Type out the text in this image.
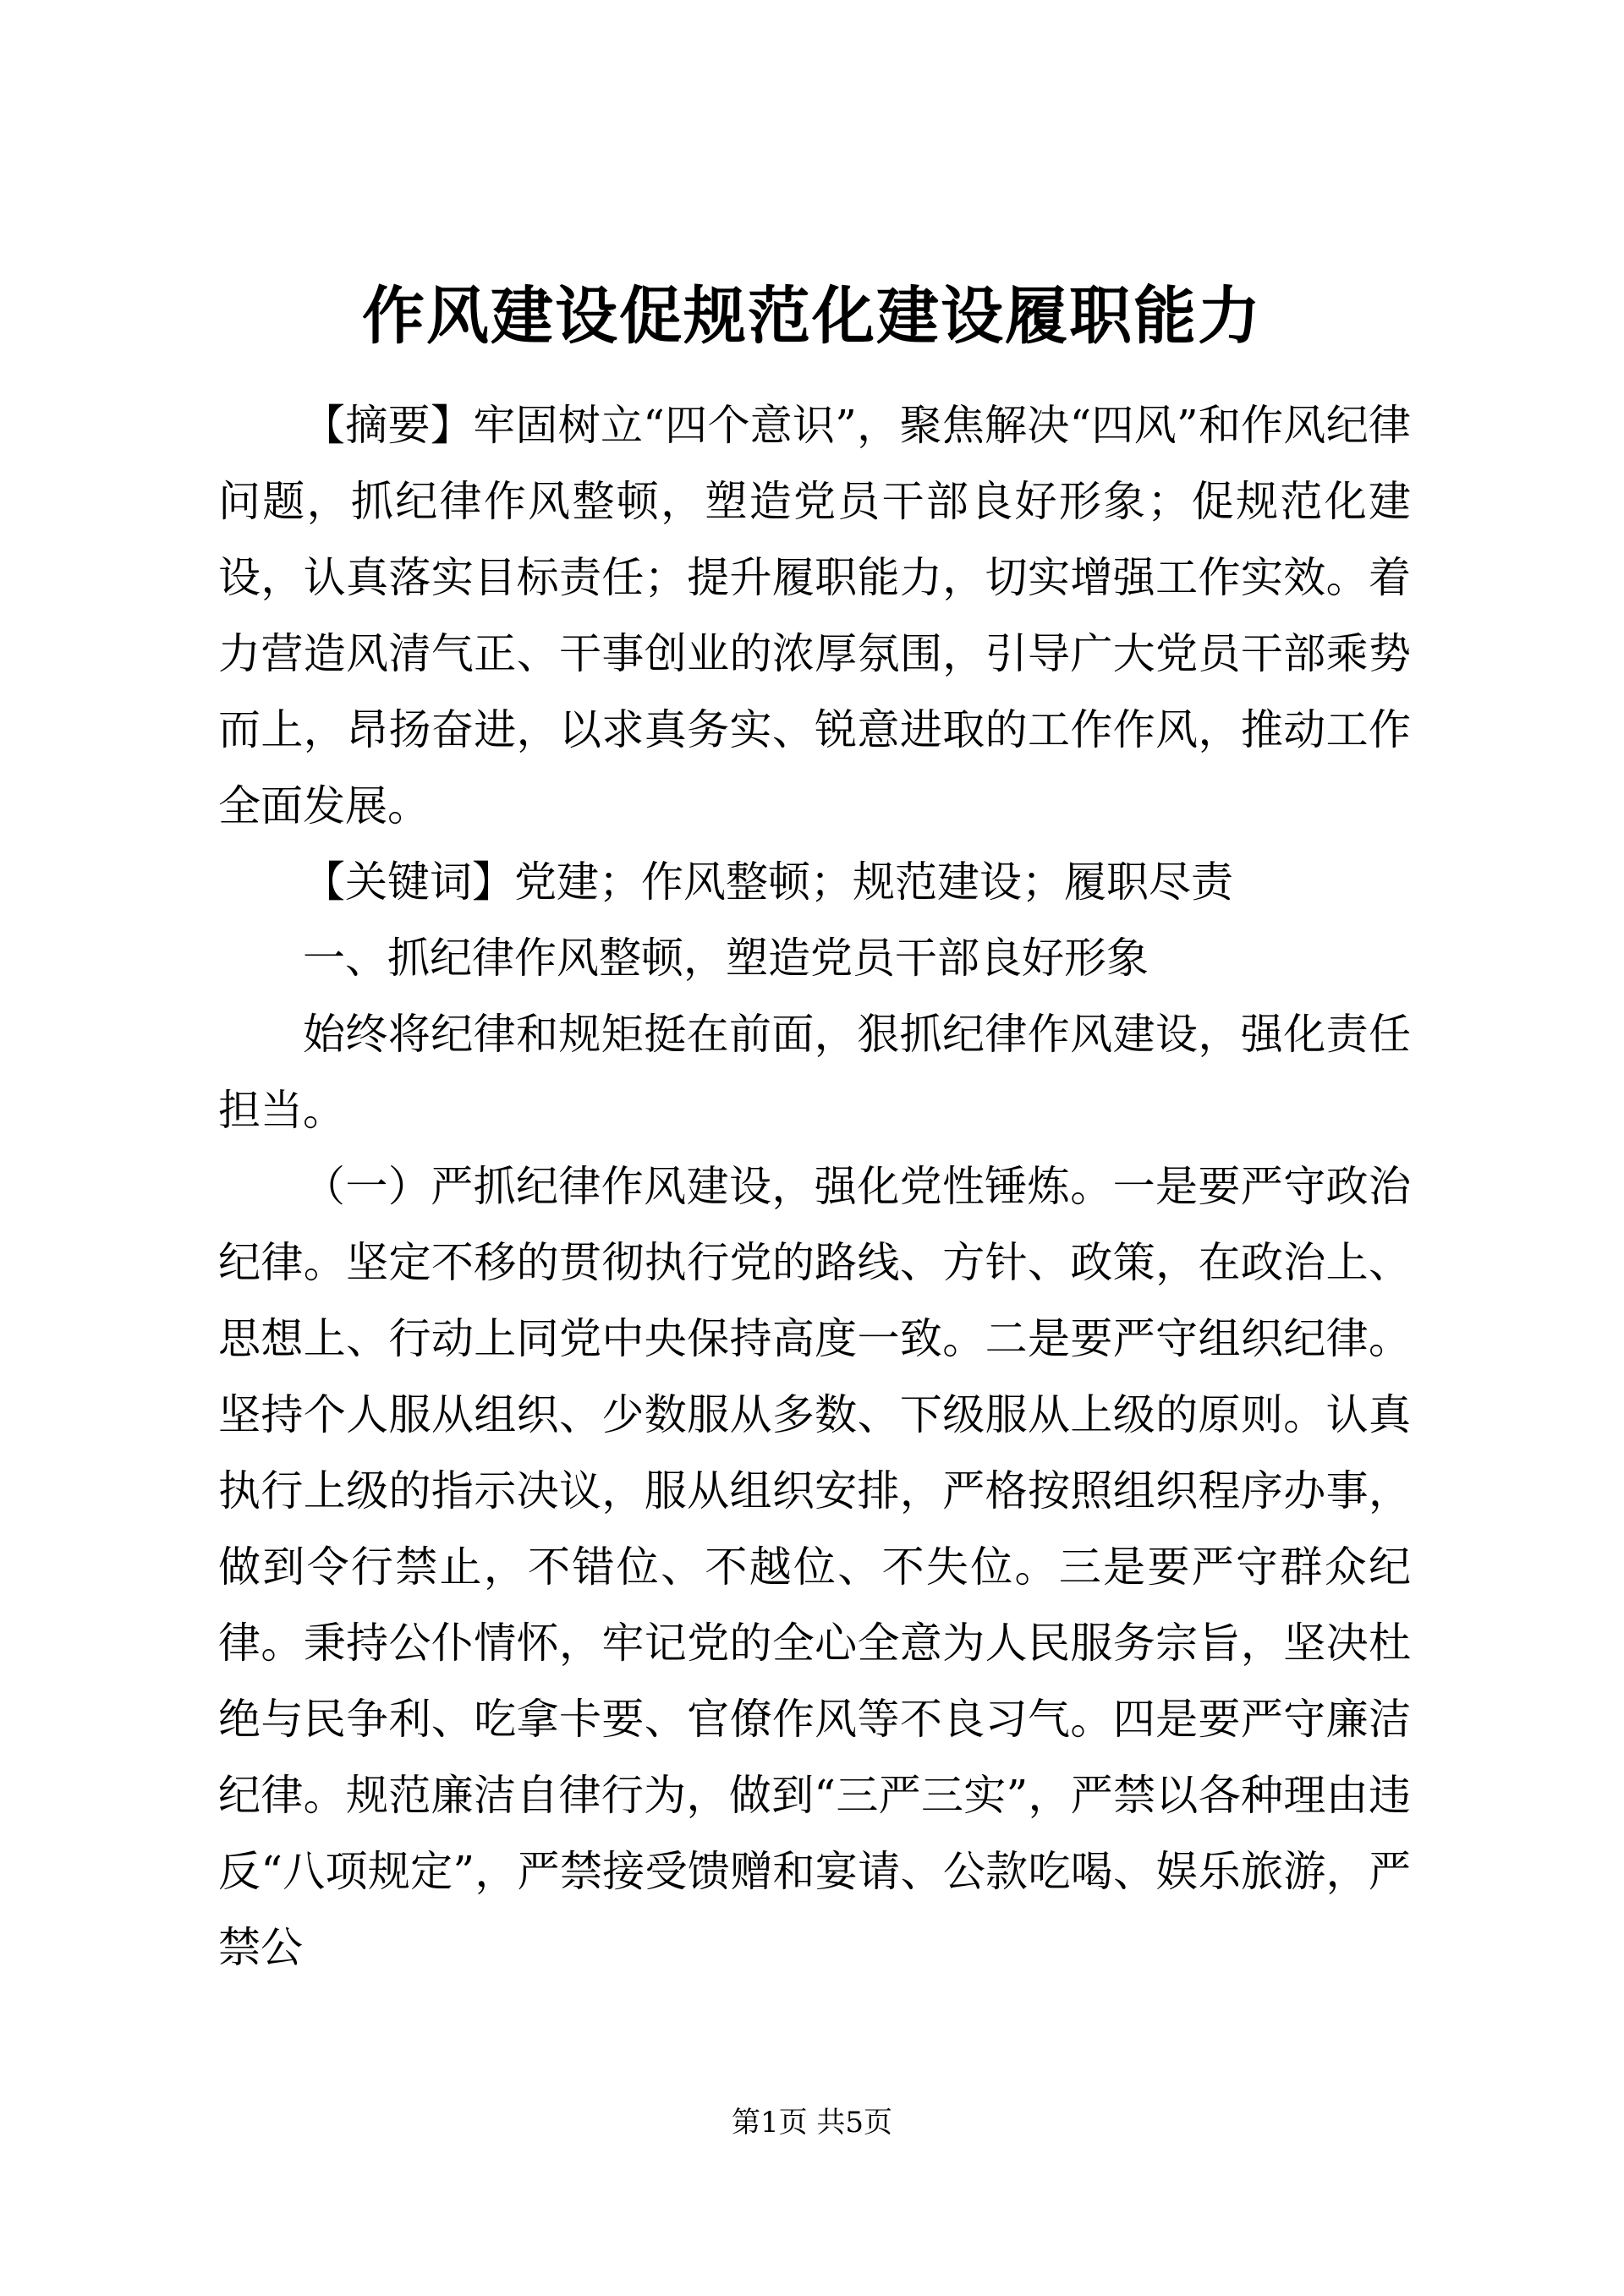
作风建设促规范化建设履职能力

【摘要】牢固树立“四个意识”，聚焦解决“四风”和作风纪律问题，抓纪律作风整顿，塑造党员干部良好形象；促规范化建设，认真落实目标责任；提升履职能力，切实增强工作实效。着力营造风清气正、干事创业的浓厚氛围，引导广大党员干部乘势而上，昂扬奋进，以求真务实、锐意进取的工作作风，推动工作全面发展。

【关键词】党建；作风整顿；规范建设；履职尽责

一、抓纪律作风整顿，塑造党员干部良好形象

始终将纪律和规矩挺在前面，狠抓纪律作风建设，强化责任担当。

（一）严抓纪律作风建设，强化党性锤炼。一是要严守政治纪律。坚定不移的贯彻执行党的路线、方针、政策，在政治上、思想上、行动上同党中央保持高度一致。二是要严守组织纪律。坚持个人服从组织、少数服从多数、下级服从上级的原则。认真执行上级的指示决议，服从组织安排，严格按照组织程序办事，做到令行禁止，不错位、不越位、不失位。三是要严守群众纪律。秉持公仆情怀，牢记党的全心全意为人民服务宗旨，坚决杜绝与民争利、吃拿卡要、官僚作风等不良习气。四是要严守廉洁纪律。规范廉洁自律行为，做到“三严三实”，严禁以各种理由违反“八项规定”，严禁接受馈赠和宴请、公款吃喝、娱乐旅游，严禁公

第1页 共5页
